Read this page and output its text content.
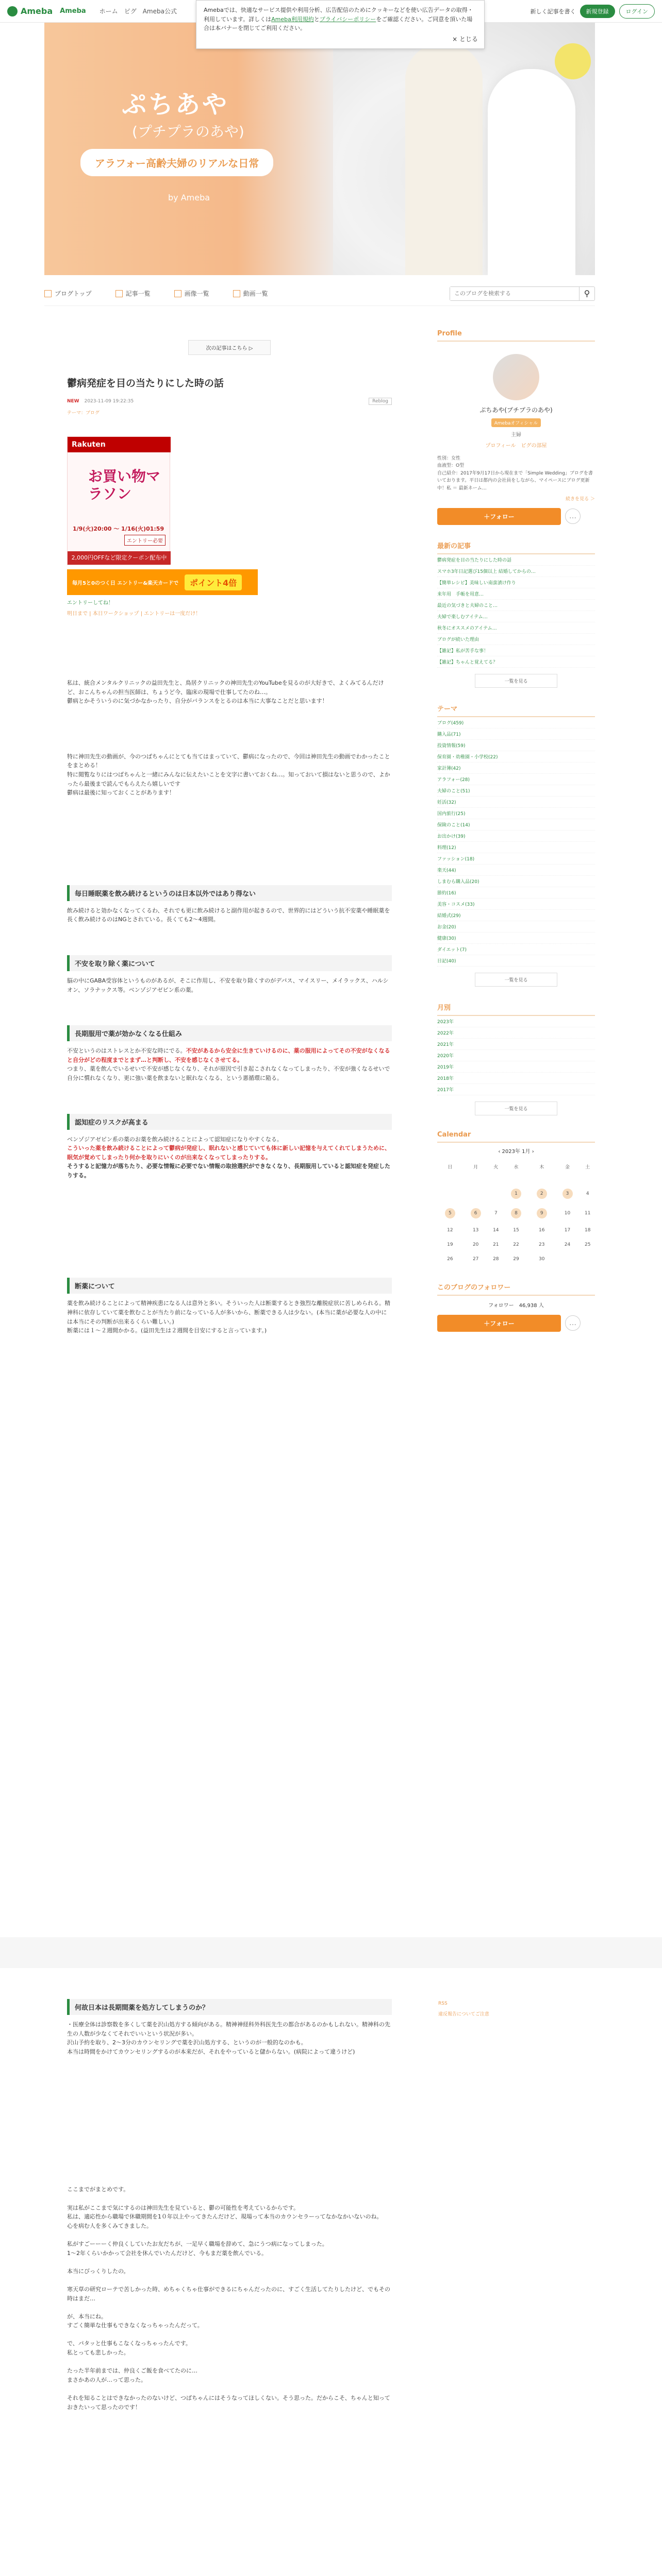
Ameba Ameba ホーム ピグ Ameba公式	新しく記事を書く	新規登録	ログイン
ぷちあや
(プチプラのあや)
アラフォー高齢夫婦のリアルな日常
by Ameba
Amebaでは、快適なサービス提供や利用分析、広告配信のためにクッキーなどを使い広告データの取得・利用しています。詳しくはAmeba利用規約とプライバシーポリシーをご確認ください。ご同意を頂いた場合は本バナーを閉じてご利用ください。
× とじる
ブログトップ	記事一覧	画像一覧	動画一覧
このブログを検索する	⚲
次の記事はこちら ▷
鬱病発症を目の当たりにした時の話
NEW 2023-11-09 19:22:35	Reblog
テーマ：ブログ
Rakuten
お買い物マラソン
1/9(火)20:00 〜 1/16(火)01:59
エントリー必要
2,000円OFFなど限定クーポン配布中
毎月5と0のつく日 エントリー&楽天カードで	ポイント4倍
エントリーしてね！
明日まで | 本日ワークショップ | エントリーは一度だけ！
私は、統合メンタルクリニックの益田先生と、鳥居クリニックの神田先生のYouTubeを見るのが大好きで、よくみてるんだけど、おこんちゃんの担当医師は、ちょうど今、臨床の現場で仕事してたのね…。
鬱病とかそういうのに気づかなかったり、自分がバランスをとるのは本当に大事なことだと思います！
特に神田先生の動画が、今のつばちゃんにとても当てはまっていて、鬱病になったので、今回は神田先生の動画でわかったことをまとめる！
特に閲覧なりにはつばちゃんと一緒にみんなに伝えたいことを文字に書いておくね…。知っておいて損はないと思うので、よかったら最後まで読んでもらえたら嬉しいです
鬱病は最後に知っておくことがあります！
毎日睡眠薬を飲み続けるというのは日本以外ではあり得ない
飲み続けると効かなくなってくるわ、それでも更に飲み続けると副作用が起きるので、世界的にはどういう抗不安薬や睡眠薬を長く飲み続けるのはNGとされている。長くても2〜4週間。
不安を取り除く薬について
脳の中にGABA受容体というものがあるが、そこに作用し、不安を取り除くすのがデパス、マイスリー、メイラックス、ハルシオン、ソラナックス等。ベンゾジアゼピン系の薬。
長期服用で薬が効かなくなる仕組み
不安というのはストレスとか不安な時にでる。不安があるから安全に生きていけるのに、薬の服用によってその不安がなくなると自分がどの程度までとまず…と判断し、不安を感じなくさせてる。
つまり、薬を飲んでいるせいで不安が感じなくなり、それが原因で引き起こされなくなってしまったり、不安が強くなるせいで自分に慣れなくなり、更に強い薬を飲まないと眠れなくなる、という悪循環に陥る。
認知症のリスクが高まる
ベンゾジアゼピン系の薬のお薬を飲み続けることによって認知症になりやすくなる。
こういった薬を飲み続けることによって鬱病が発症し、眠れないと感じていても体に新しい記憶を与えてくれてしまうために、眠気が覚めてしまったり何かを取りにいくのが出来なくなってしまったりする。
そうすると記憶力が落ちたり、必要な情報に必要でない情報の取捨選択ができなくなり、長期服用していると認知症を発症したりする。
断薬について
薬を飲み続けることによって精神疾患になる人は意外と多い。そういった人は断薬するとき強烈な離脱症状に苦しめられる。精神科に依存していて薬を飲むことが当たり前になっている人が多いから、断薬できる人は少ない。(本当に薬が必要な人の中には本当にその判断が出来るくらい難しい。)
断薬には１〜２週間かかる。(益田先生は２週間を目安にすると言っています。)
何故日本は長期間薬を処方してしまうのか？
・医療全体は診察数を多くして薬を沢山処方する傾向がある。精神神経科外科医先生の都合があるのかもしれない。精神科の先生の人数が少なくてそれでいいという状況が多い。
沢山予約を取り、2〜3分のカウンセリングで薬を沢山処方する、というのが一般的なのかも。
本当は時間をかけてカウンセリングするのが本来だが、それをやっていると儲からない。(病院によって違うけど)
ここまでがまとめです。

実は私がここまで気にするのは神田先生を見ていると、鬱の可能性を考えているからです。
私は、適応性から職場で休職期間を1０年以上やってきたんだけど、現場って本当のカウンセラーってなかなかいないのね。
心を病む人を多くみてきました。

私がすごーーーく仲良くしていたお友だちが、一足早く職場を辞めて、急にうつ病になってしまった。
1〜2年くらいかかって会社を休んでいたんだけど、今もまだ薬を飲んでいる。

本当にびっくりしたの。

寒天草の研究ローテで苦しかった時、めちゃくちゃ仕事ができるにちゃんだったのに、すごく生活してたりしたけど、でもその時はまだ…

が、本当にね。
すごく簡単な仕事もできなくなっちゃったんだって。

で、パタッと仕事もこなくなっちゃったんです。
私とっても悲しかった。

たった半年前までは、仲良くご飯を食べてたのに…
まさかあの人が…って思った。

それを知ることはできなかったのないけど、つばちゃんにはそうなってほしくない。そう思った。だからこそ、ちゃんと知っておきたいって思ったのです！
RSS
違反報告についてご注意
Profile
ぷちあや(プチプラのあや)
Amebaオフィシャル
主婦
プロフィール　ピグの部屋
性別：女性
血液型：O型
自己紹介：2017年9月17日から現在まで「Simple Wedding」ブログを書いております。平日は都内の会社員をしながら、マイペースにブログ更新中！私 ＝ 最新ネーム…
続きを見る ＞
＋フォロー	…
最新の記事
鬱病発症を目の当たりにした時の話
スマホ3年日記選び15個以上 結婚してからの…
【簡単レシピ】美味しい南蛮漬け作り
来年用　手帳を用意…
最近の気づきと夫婦のこと…
夫婦で楽しむアイテム…
秋冬にオススメのアイテム…
ブログが続いた理由
【雑記】私が苦手な事！
【雑記】ちゃんと覚えてる？
一覧を見る
テーマ
ブログ(459)
購入品(71)
投資情報(59)
保育園・幼稚園・小学校(22)
家計簿(42)
アラフォー(28)
夫婦のこと(51)
妊活(32)
国内旅行(25)
保険のこと(14)
お出かけ(39)
料理(12)
ファッション(18)
楽天(44)
しまむら購入品(20)
節約(16)
美容・コスメ(33)
結婚式(29)
お金(20)
健康(30)
ダイエット(7)
日記(40)
一覧を見る
月別
2023年
2022年
2021年
2020年
2019年
2018年
2017年
一覧を見る
Calendar
‹ 2023年 1月 ›
日	月	火	水	木	金	土

			1	2	3	4
5	6	7	8	9	10	11
12	13	14	15	16	17	18
19	20	21	22	23	24	25
26	27	28	29	30		
このブログのフォロワー
フォロワー　46,938 人
＋フォロー	…
